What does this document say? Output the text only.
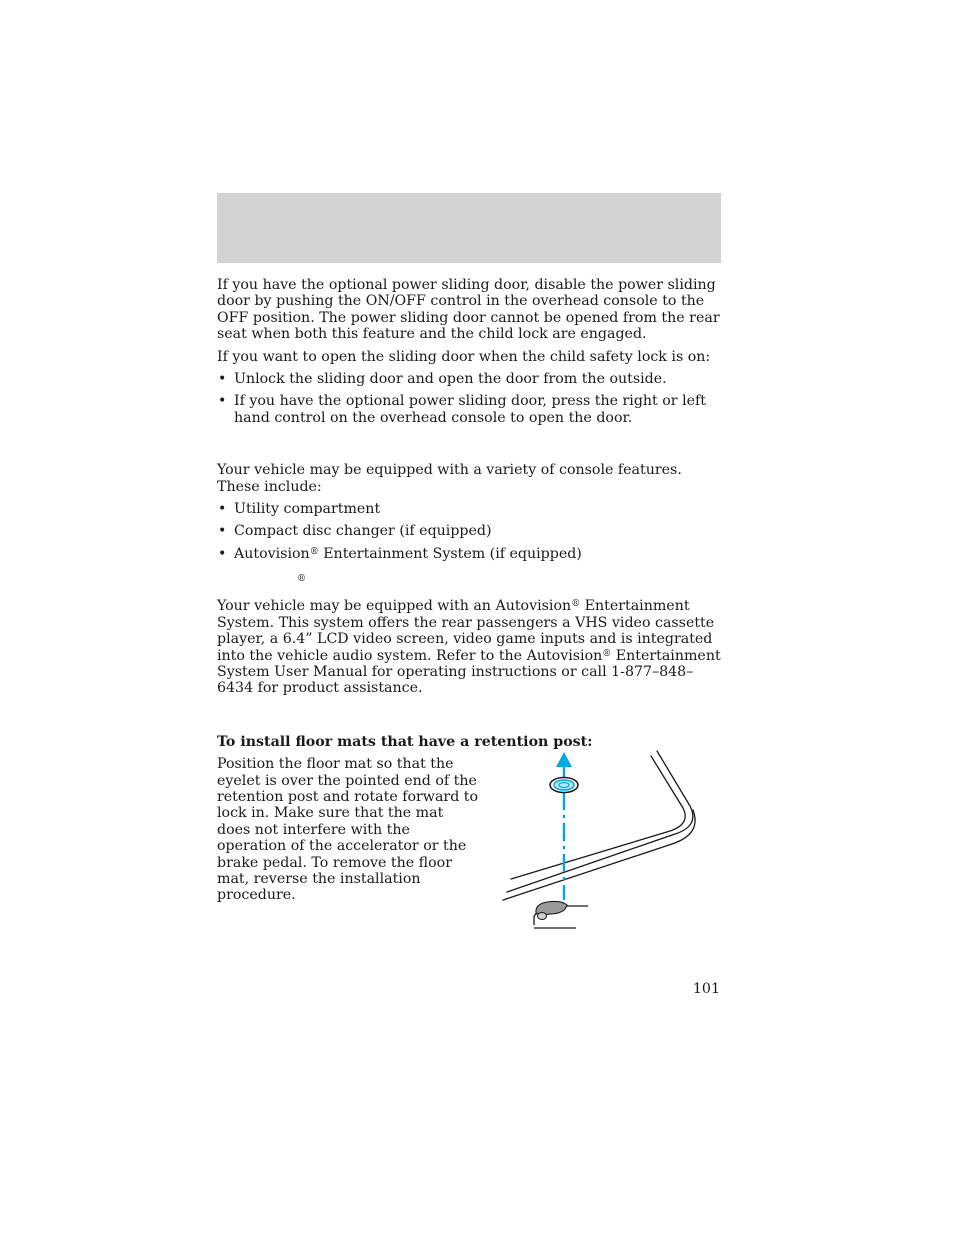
If you have the optional power sliding door, disable the power sliding door by pushing the ON/OFF control in the overhead console to the OFF position. The power sliding door cannot be opened from the rear seat when both this feature and the child lock are engaged.

If you want to open the sliding door when the child safety lock is on:

• Unlock the sliding door and open the door from the outside.
• If you have the optional power sliding door, press the right or left hand control on the overhead console to open the door.

Your vehicle may be equipped with a variety of console features. These include:

• Utility compartment
• Compact disc changer (if equipped)
• Autovision® Entertainment System (if equipped)
®

Your vehicle may be equipped with an Autovision® Entertainment System. This system offers the rear passengers a VHS video cassette player, a 6.4” LCD video screen, video game inputs and is integrated into the vehicle audio system. Refer to the Autovision® Entertainment System User Manual for operating instructions or call 1-877–848–6434 for product assistance.

To install floor mats that have a retention post:

Position the floor mat so that the eyelet is over the pointed end of the retention post and rotate forward to lock in. Make sure that the mat does not interfere with the operation of the accelerator or the brake pedal. To remove the floor mat, reverse the installation procedure.

101
